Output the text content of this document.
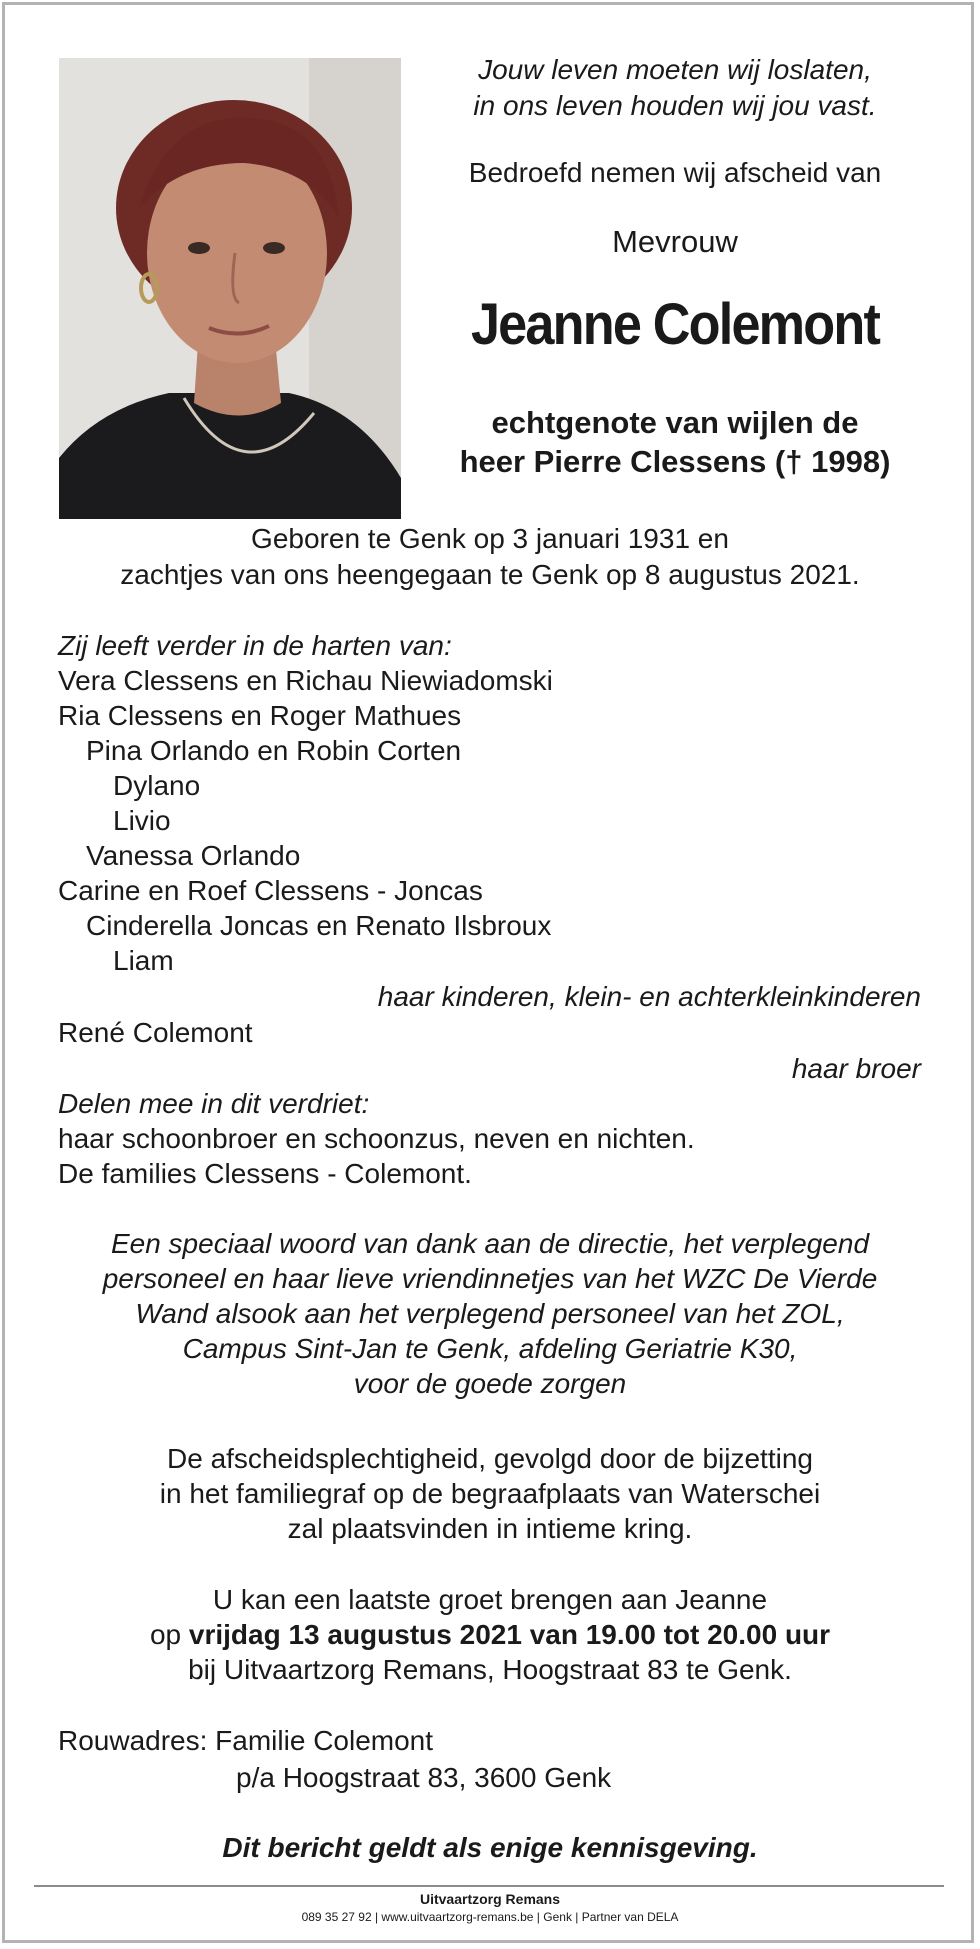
Jouw leven moeten wij loslaten,
in ons leven houden wij jou vast.
Bedroefd nemen wij afscheid van
Mevrouw
Jeanne Colemont
echtgenote van wijlen de
heer Pierre Clessens († 1998)
Geboren te Genk op 3 januari 1931 en
zachtjes van ons heengegaan te Genk op 8 augustus 2021.
Zij leeft verder in de harten van:
Vera Clessens en Richau Niewiadomski
Ria Clessens en Roger Mathues
Pina Orlando en Robin Corten
Dylano
Livio
Vanessa Orlando
Carine en Roef Clessens - Joncas
Cinderella Joncas en Renato Ilsbroux
Liam
haar kinderen, klein- en achterkleinkinderen
René Colemont
haar broer
Delen mee in dit verdriet:
haar schoonbroer en schoonzus, neven en nichten.
De families Clessens - Colemont.
Een speciaal woord van dank aan de directie, het verplegend
personeel en haar lieve vriendinnetjes van het WZC De Vierde
Wand alsook aan het verplegend personeel van het ZOL,
Campus Sint-Jan te Genk, afdeling Geriatrie K30,
voor de goede zorgen
De afscheidsplechtigheid, gevolgd door de bijzetting
in het familiegraf op de begraafplaats van Waterschei
zal plaatsvinden in intieme kring.
U kan een laatste groet brengen aan Jeanne
op vrijdag 13 augustus 2021 van 19.00 tot 20.00 uur
bij Uitvaartzorg Remans, Hoogstraat 83 te Genk.
Rouwadres: Familie Colemont
p/a Hoogstraat 83, 3600 Genk
Dit bericht geldt als enige kennisgeving.
Uitvaartzorg Remans
089 35 27 92 | www.uitvaartzorg-remans.be | Genk | Partner van DELA
